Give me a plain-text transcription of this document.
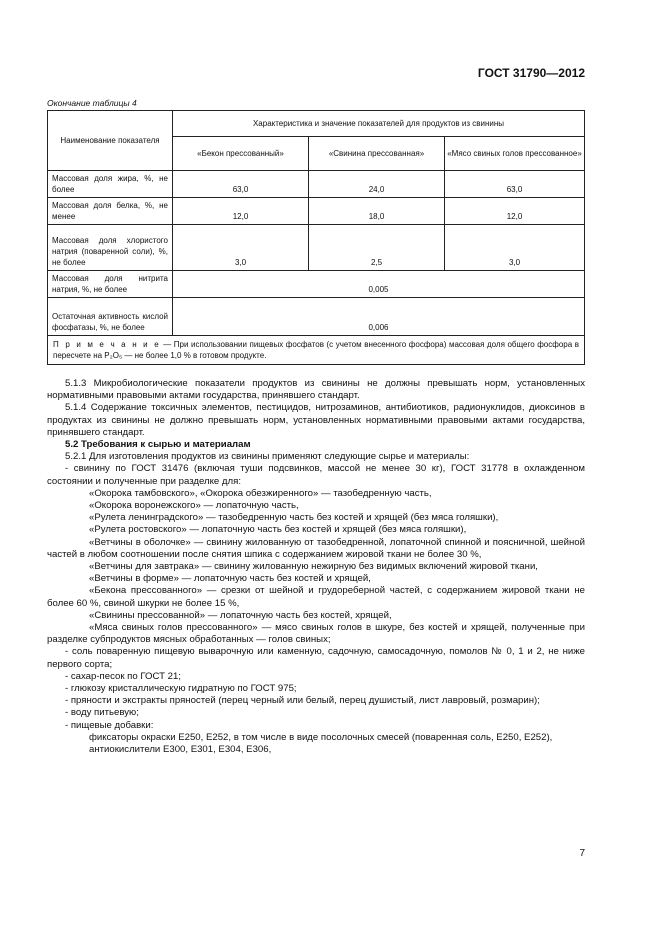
ГОСТ 31790—2012
Окончание таблицы 4
Наименование показателя	Характеристика и значение показателей для продуктов из свинины		
	«Бекон прессованный»	«Свинина прессованная»	«Мясо свиных голов прессованное»
Массовая доля жира, %, не более	63,0	24,0	63,0
Массовая доля белка, %, не менее	12,0	18,0	12,0
Массовая доля хлористого натрия (поваренной соли), %, не более	3,0	2,5	3,0
Массовая доля нитрита натрия, %, не более	0,005		
Остаточная активность кислой фосфатазы, %, не более	0,006		
П р и м е ч а н и е — При использовании пищевых фосфатов (с учетом внесенного фосфора) массовая доля общего фосфора в пересчете на P₂O₅ — не более 1,0 % в готовом продукте.			

5.1.3 Микробиологические показатели продуктов из свинины не должны превышать норм, установленных нормативными правовыми актами государства, принявшего стандарт.

5.1.4 Содержание токсичных элементов, пестицидов, нитрозаминов, антибиотиков, радионуклидов, диоксинов в продуктах из свинины не должно превышать норм, установленных нормативными правовыми актами государства, принявшего стандарт.

5.2 Требования к сырью и материалам

5.2.1 Для изготовления продуктов из свинины применяют следующие сырье и материалы:

- свинину по ГОСТ 31476 (включая туши подсвинков, массой не менее 30 кг), ГОСТ 31778 в охлажденном состоянии и полученные при разделке для:

«Окорока тамбовского», «Окорока обезжиренного» — тазобедренную часть,

«Окорока воронежского» — лопаточную часть,

«Рулета ленинградского» — тазобедренную часть без костей и хрящей (без мяса голяшки),

«Рулета ростовского» — лопаточную часть без костей и хрящей (без мяса голяшки),

«Ветчины в оболочке» — свинину жилованную от тазобедренной, лопаточной спинной и поясничной, шейной частей в любом соотношении после снятия шпика с содержанием жировой ткани не более 30 %,

«Ветчины для завтрака» — свинину жилованную нежирную без видимых включений жировой ткани,

«Ветчины в форме» — лопаточную часть без костей и хрящей,

«Бекона прессованного» — срезки от шейной и грудореберной частей, с содержанием жировой ткани не более 60 %, свиной шкурки не более 15 %,

«Свинины прессованной» — лопаточную часть без костей, хрящей,

«Мяса свиных голов прессованного» — мясо свиных голов в шкуре, без костей и хрящей, полученные при разделке субпродуктов мясных обработанных — голов свиных;

- соль поваренную пищевую выварочную или каменную, садочную, самосадочную, помолов № 0, 1 и 2, не ниже первого сорта;

- сахар-песок по ГОСТ 21;

- глюкозу кристаллическую гидратную по ГОСТ 975;

- пряности и экстракты пряностей (перец черный или белый, перец душистый, лист лавровый, розмарин);

- воду питьевую;

- пищевые добавки:

фиксаторы окраски E250, E252, в том числе в виде посолочных смесей (поваренная соль, E250, E252),

антиокислители E300, E301, E304, E306,

7
